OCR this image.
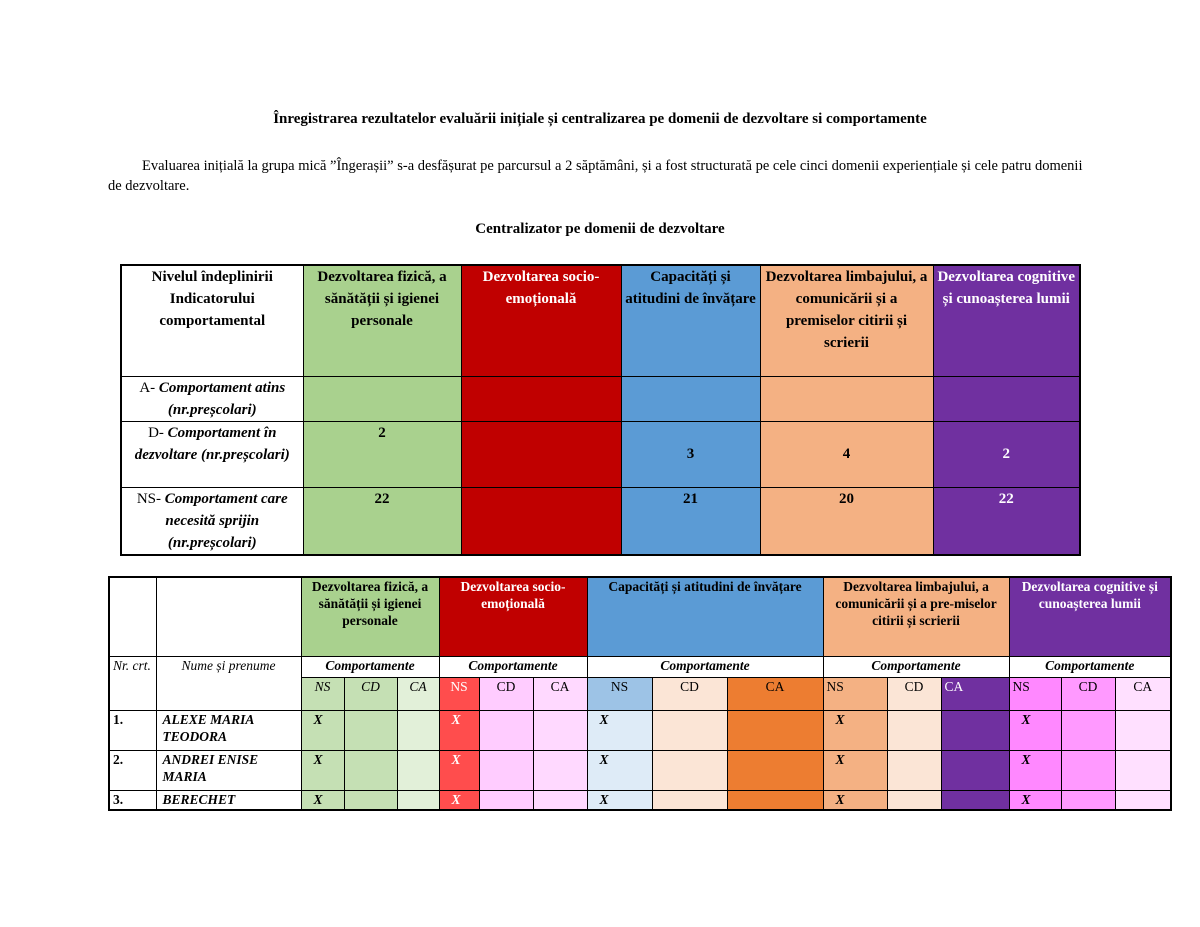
Înregistrarea rezultatelor evaluării inițiale și centralizarea pe domenii de dezvoltare si comportamente
Evaluarea inițială la grupa mică ”Îngerașii” s-a desfășurat pe parcursul a 2 săptămâni, și a fost structurată pe cele cinci domenii experiențiale și cele patru domenii de dezvoltare.
Centralizator pe domenii de dezvoltare
Nivelul îndeplinirii Indicatorului comportamental	Dezvoltarea fizică, a sănătății și igienei personale	Dezvoltarea socio-emoțională	Capacități și atitudini de învățare	Dezvoltarea limbajului, a comunicării și a premiselor citirii și scrierii	Dezvoltarea cognitive și cunoașterea lumii
A- Comportament atins (nr.preșcolari)					
D- Comportament în dezvoltare (nr.preșcolari)	2		3	4	2
NS- Comportament care necesită sprijin (nr.preșcolari)	22		21	20	22
		Dezvoltarea fizică, a sănătății și igienei personale			Dezvoltarea socio-emoțională			Capacități și atitudini de învățare			Dezvoltarea limbajului, a comunicării și a pre-miselor citirii și scrierii			Dezvoltarea cognitive și cunoașterea lumii		
Nr. crt.	Nume și prenume	Comportamente			Comportamente			Comportamente			Comportamente			Comportamente		
		NS	CD	CA	NS	CD	CA	NS	CD	CA	NS	CD	CA	NS	CD	CA
1.	ALEXE MARIA TEODORA	X			X			X			X			X		
2.	ANDREI ENISE MARIA	X			X			X			X			X		
3.	BERECHET	X			X			X			X			X		
